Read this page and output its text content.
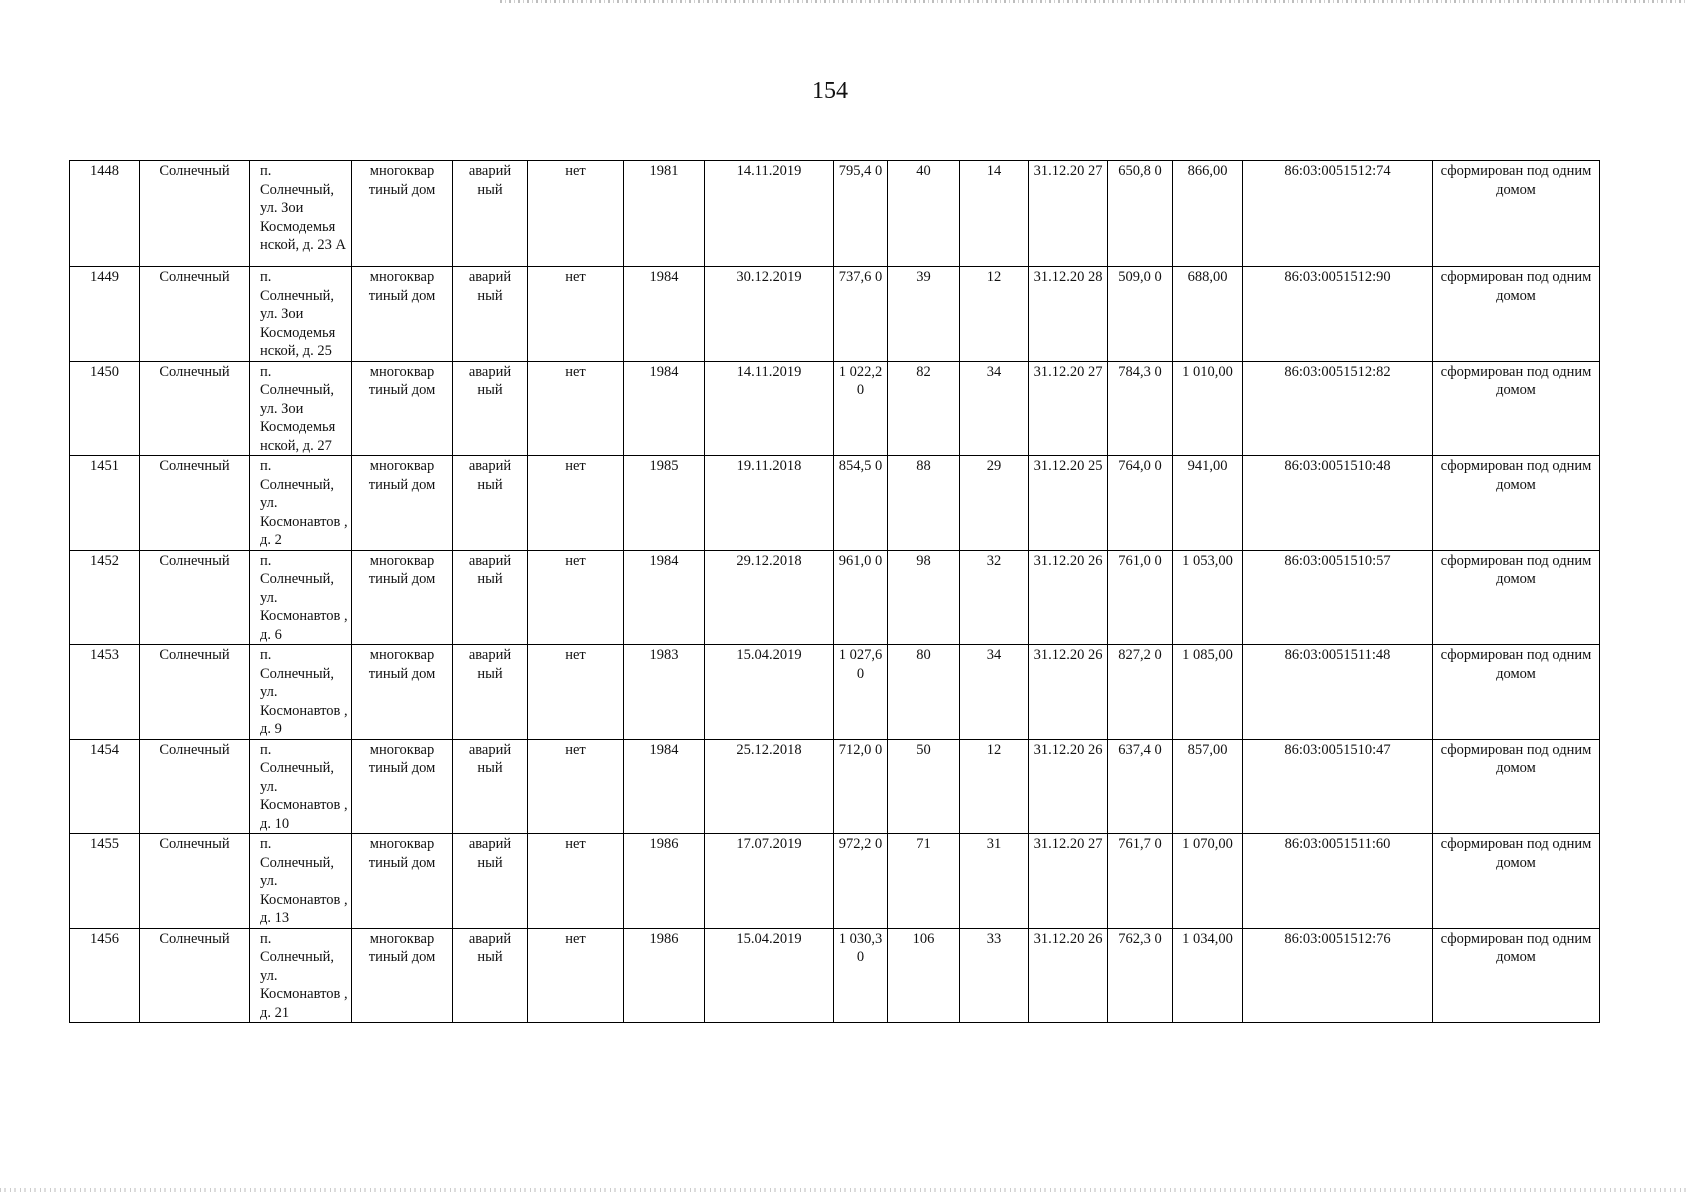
154
1448	Солнечный	п. Солнечный, ул. Зои Космодемья нской, д. 23 А	многоквар тиный дом	аварий ный	нет	1981	14.11.2019	795,4 0	40	14	31.12.20 27	650,8 0	866,00	86:03:0051512:74	сформирован под одним домом
1449	Солнечный	п. Солнечный, ул. Зои Космодемья нской, д. 25	многоквар тиный дом	аварий ный	нет	1984	30.12.2019	737,6 0	39	12	31.12.20 28	509,0 0	688,00	86:03:0051512:90	сформирован под одним домом
1450	Солнечный	п. Солнечный, ул. Зои Космодемья нской, д. 27	многоквар тиный дом	аварий ный	нет	1984	14.11.2019	1 022,2 0	82	34	31.12.20 27	784,3 0	1 010,00	86:03:0051512:82	сформирован под одним домом
1451	Солнечный	п. Солнечный, ул. Космонавтов , д. 2	многоквар тиный дом	аварий ный	нет	1985	19.11.2018	854,5 0	88	29	31.12.20 25	764,0 0	941,00	86:03:0051510:48	сформирован под одним домом
1452	Солнечный	п. Солнечный, ул. Космонавтов , д. 6	многоквар тиный дом	аварий ный	нет	1984	29.12.2018	961,0 0	98	32	31.12.20 26	761,0 0	1 053,00	86:03:0051510:57	сформирован под одним домом
1453	Солнечный	п. Солнечный, ул. Космонавтов , д. 9	многоквар тиный дом	аварий ный	нет	1983	15.04.2019	1 027,6 0	80	34	31.12.20 26	827,2 0	1 085,00	86:03:0051511:48	сформирован под одним домом
1454	Солнечный	п. Солнечный, ул. Космонавтов , д. 10	многоквар тиный дом	аварий ный	нет	1984	25.12.2018	712,0 0	50	12	31.12.20 26	637,4 0	857,00	86:03:0051510:47	сформирован под одним домом
1455	Солнечный	п. Солнечный, ул. Космонавтов , д. 13	многоквар тиный дом	аварий ный	нет	1986	17.07.2019	972,2 0	71	31	31.12.20 27	761,7 0	1 070,00	86:03:0051511:60	сформирован под одним домом
1456	Солнечный	п. Солнечный, ул. Космонавтов , д. 21	многоквар тиный дом	аварий ный	нет	1986	15.04.2019	1 030,3 0	106	33	31.12.20 26	762,3 0	1 034,00	86:03:0051512:76	сформирован под одним домом
